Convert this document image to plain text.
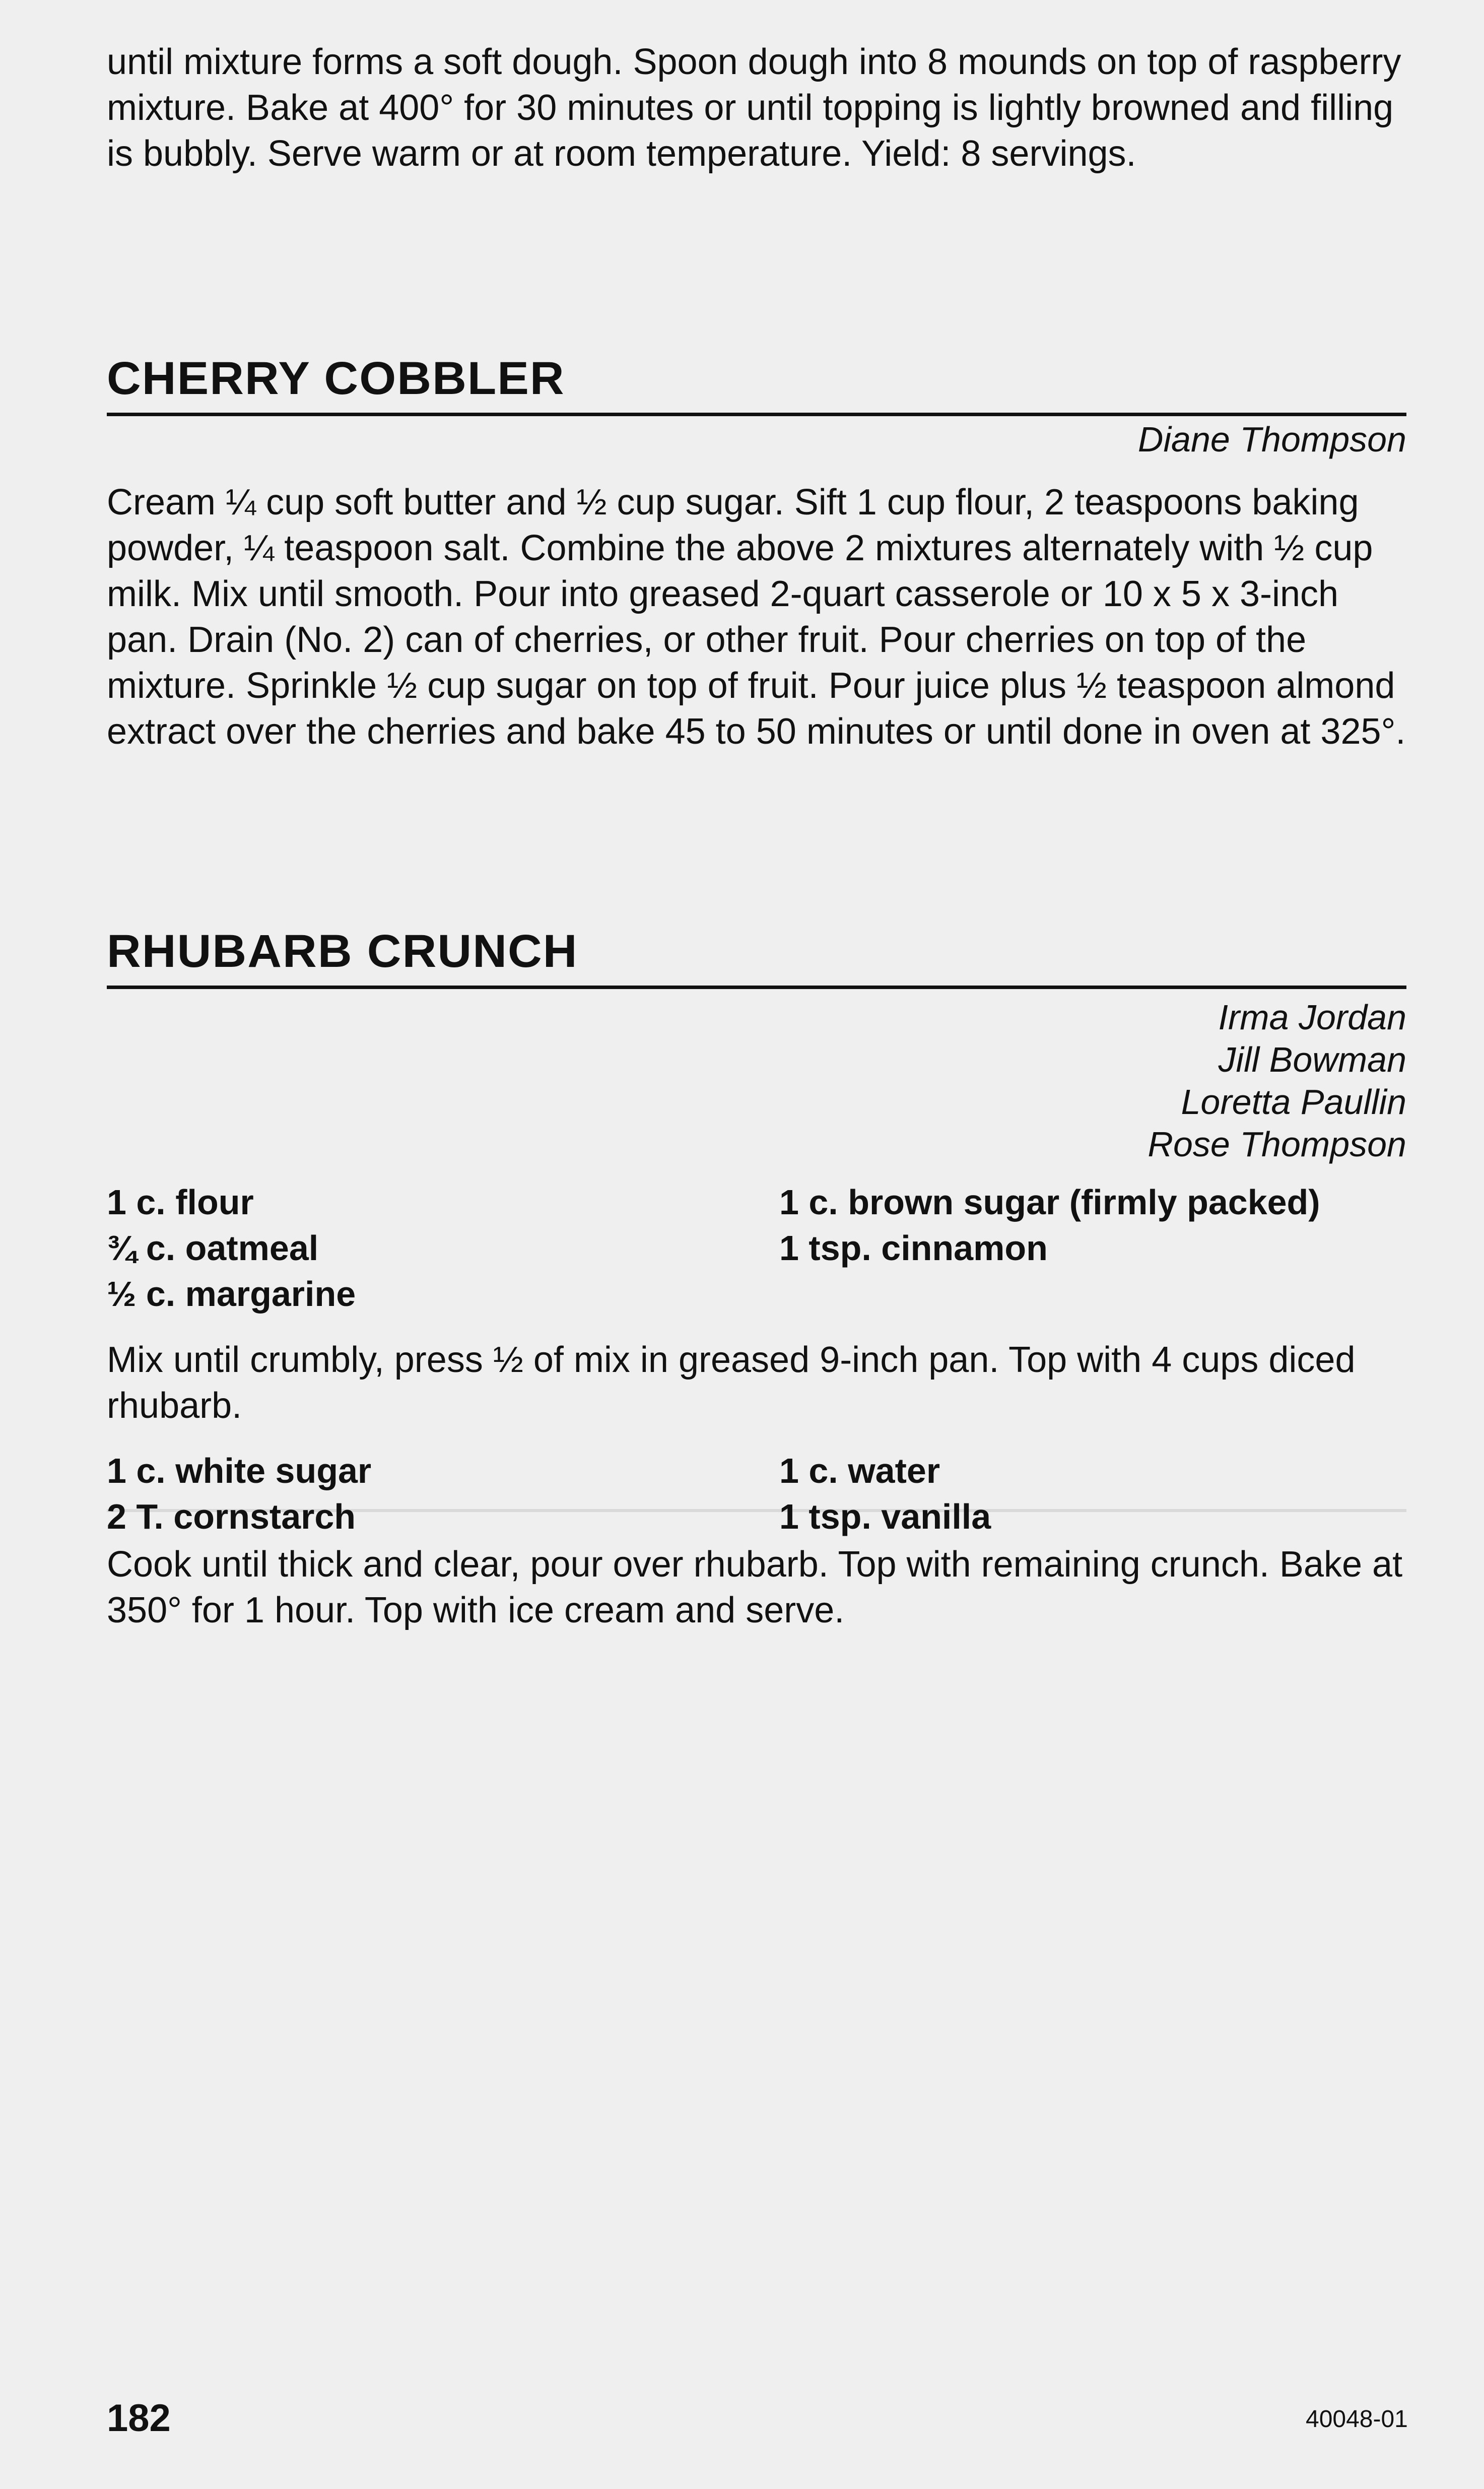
until mixture forms a soft dough. Spoon dough into 8 mounds on top of raspberry mixture. Bake at 400° for 30 minutes or until topping is lightly browned and filling is bubbly. Serve warm or at room temperature. Yield: 8 servings.

CHERRY COBBLER
Diane Thompson

Cream ¼ cup soft butter and ½ cup sugar. Sift 1 cup flour, 2 teaspoons baking powder, ¼ teaspoon salt. Combine the above 2 mixtures alternately with ½ cup milk. Mix until smooth. Pour into greased 2-quart casserole or 10 x 5 x 3-inch pan. Drain (No. 2) can of cherries, or other fruit. Pour cherries on top of the mixture. Sprinkle ½ cup sugar on top of fruit. Pour juice plus ½ teaspoon almond extract over the cherries and bake 45 to 50 minutes or until done in oven at 325°.

RHUBARB CRUNCH
Irma Jordan
Jill Bowman
Loretta Paullin
Rose Thompson
1 c. flour
¾ c. oatmeal
½ c. margarine
1 c. brown sugar (firmly packed)
1 tsp. cinnamon

Mix until crumbly, press ½ of mix in greased 9-inch pan. Top with 4 cups diced rhubarb.

1 c. white sugar
2 T. cornstarch
1 c. water
1 tsp. vanilla

Cook until thick and clear, pour over rhubarb. Top with remaining crunch. Bake at 350° for 1 hour. Top with ice cream and serve.

182	40048-01
